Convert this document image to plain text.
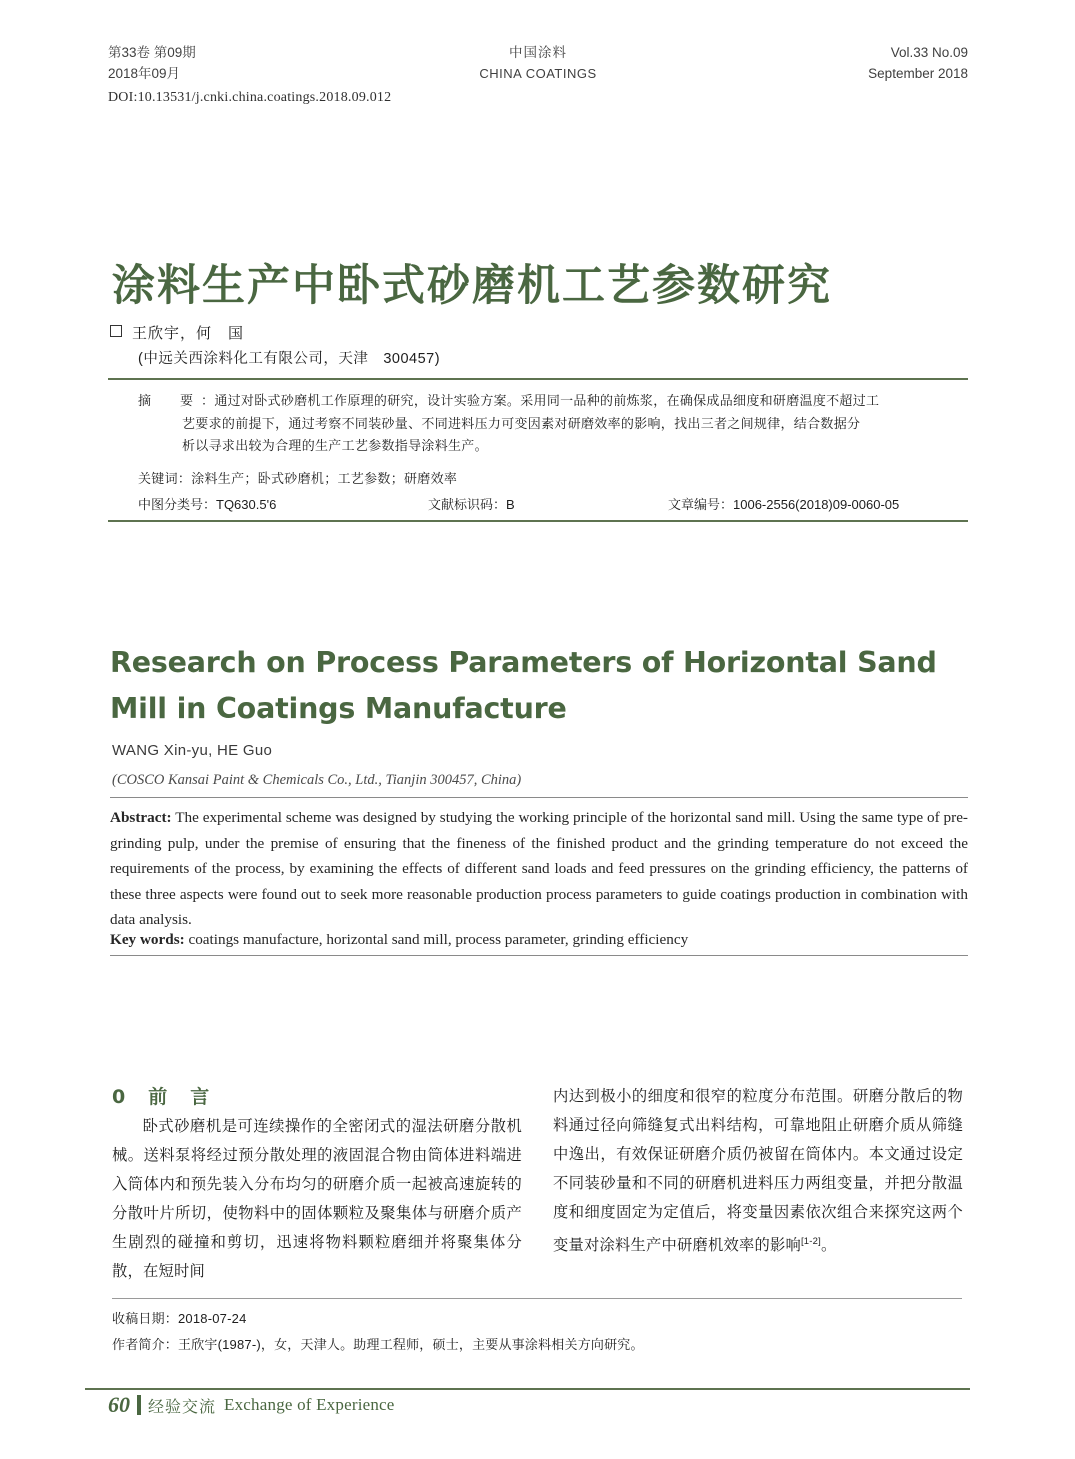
第33卷 第09期
2018年09月
中国涂料
CHINA COATINGS
Vol.33 No.09
September 2018
DOI:10.13531/j.cnki.china.coatings.2018.09.012
涂料生产中卧式砂磨机工艺参数研究
王欣宇，何　国
(中远关西涂料化工有限公司，天津　300457)
摘　要：通过对卧式砂磨机工作原理的研究，设计实验方案。采用同一品种的前炼浆，在确保成品细度和研磨温度不超过工
艺要求的前提下，通过考察不同装砂量、不同进料压力可变因素对研磨效率的影响，找出三者之间规律，结合数据分
析以寻求出较为合理的生产工艺参数指导涂料生产。
关键词：涂料生产；卧式砂磨机；工艺参数；研磨效率
中图分类号：TQ630.5'6	文献标识码：B	文章编号：1006-2556(2018)09-0060-05
Research on Process Parameters of Horizontal Sand Mill in Coatings Manufacture
WANG Xin-yu, HE Guo
(COSCO Kansai Paint & Chemicals Co., Ltd., Tianjin 300457, China)
Abstract: The experimental scheme was designed by studying the working principle of the horizontal sand mill. Using the same type of pre-grinding pulp, under the premise of ensuring that the fineness of the finished product and the grinding temperature do not exceed the requirements of the process, by examining the effects of different sand loads and feed pressures on the grinding efficiency, the patterns of these three aspects were found out to seek more reasonable production process parameters to guide coatings production in combination with data analysis.
Key words: coatings manufacture, horizontal sand mill, process parameter, grinding efficiency
0　前　言
卧式砂磨机是可连续操作的全密闭式的湿法研磨分散机械。送料泵将经过预分散处理的液固混合物由筒体进料端进入筒体内和预先装入分布均匀的研磨介质一起被高速旋转的分散叶片所切，使物料中的固体颗粒及聚集体与研磨介质产生剧烈的碰撞和剪切，迅速将物料颗粒磨细并将聚集体分散，在短时间
内达到极小的细度和很窄的粒度分布范围。研磨分散后的物料通过径向筛缝复式出料结构，可靠地阻止研磨介质从筛缝中逸出，有效保证研磨介质仍被留在筒体内。本文通过设定不同装砂量和不同的研磨机进料压力两组变量，并把分散温度和细度固定为定值后，将变量因素依次组合来探究这两个变量对涂料生产中研磨机效率的影响[1-2]。
收稿日期：2018-07-24
作者简介：王欣宇(1987-)，女，天津人。助理工程师，硕士，主要从事涂料相关方向研究。
60 经验交流 Exchange of Experience
